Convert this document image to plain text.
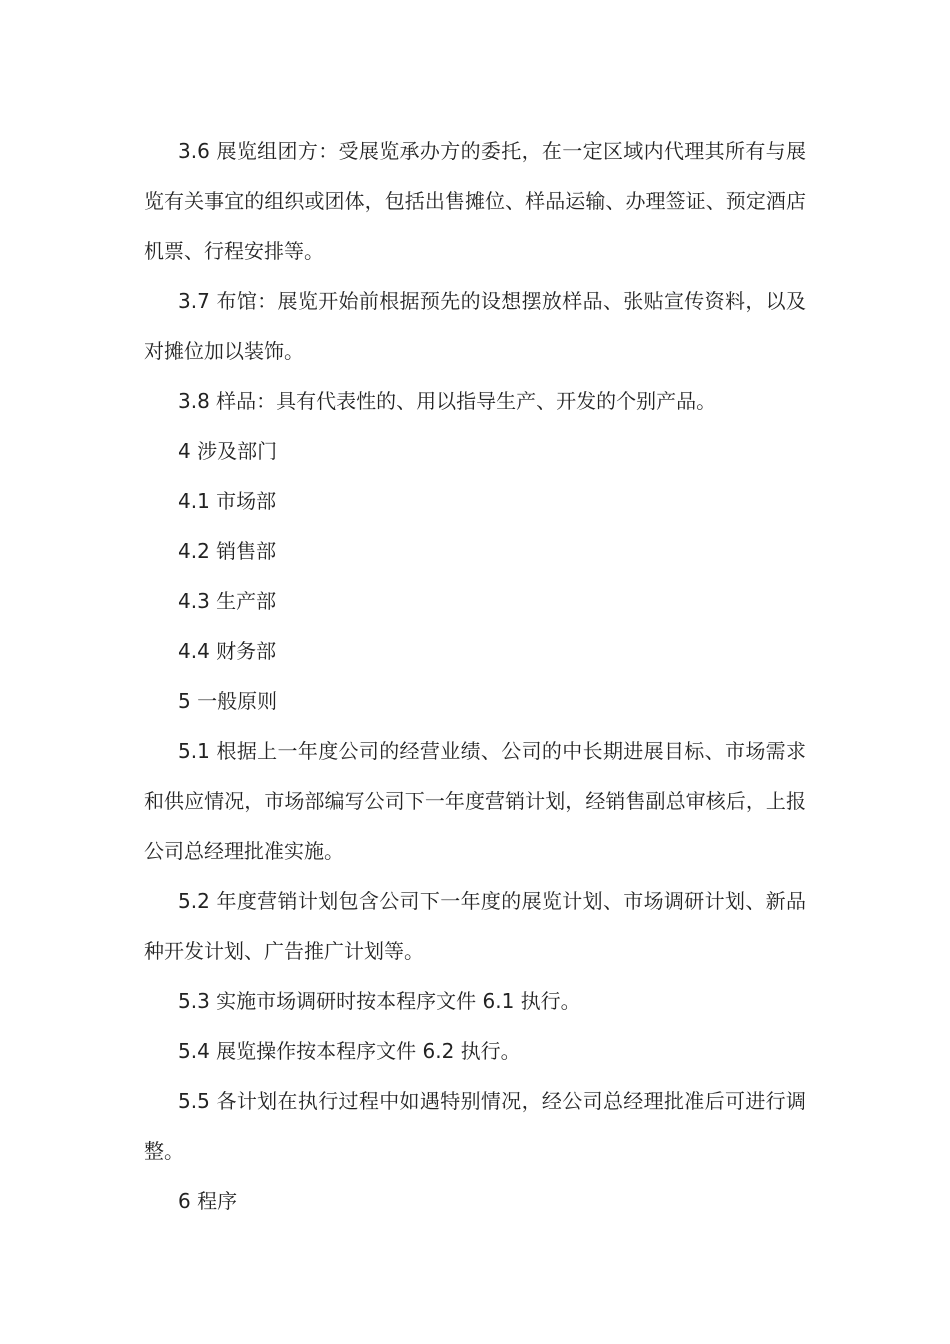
3.6 展览组团方：受展览承办方的委托，在一定区域内代理其所有与展览有关事宜的组织或团体，包括出售摊位、样品运输、办理签证、预定酒店机票、行程安排等。

3.7 布馆：展览开始前根据预先的设想摆放样品、张贴宣传资料，以及对摊位加以装饰。

3.8 样品：具有代表性的、用以指导生产、开发的个别产品。

4 涉及部门

4.1 市场部

4.2 销售部

4.3 生产部

4.4 财务部

5 一般原则

5.1 根据上一年度公司的经营业绩、公司的中长期进展目标、市场需求和供应情况，市场部编写公司下一年度营销计划，经销售副总审核后，上报公司总经理批准实施。

5.2 年度营销计划包含公司下一年度的展览计划、市场调研计划、新品种开发计划、广告推广计划等。

5.3 实施市场调研时按本程序文件 6.1 执行。

5.4 展览操作按本程序文件 6.2 执行。

5.5 各计划在执行过程中如遇特别情况，经公司总经理批准后可进行调整。

6 程序
